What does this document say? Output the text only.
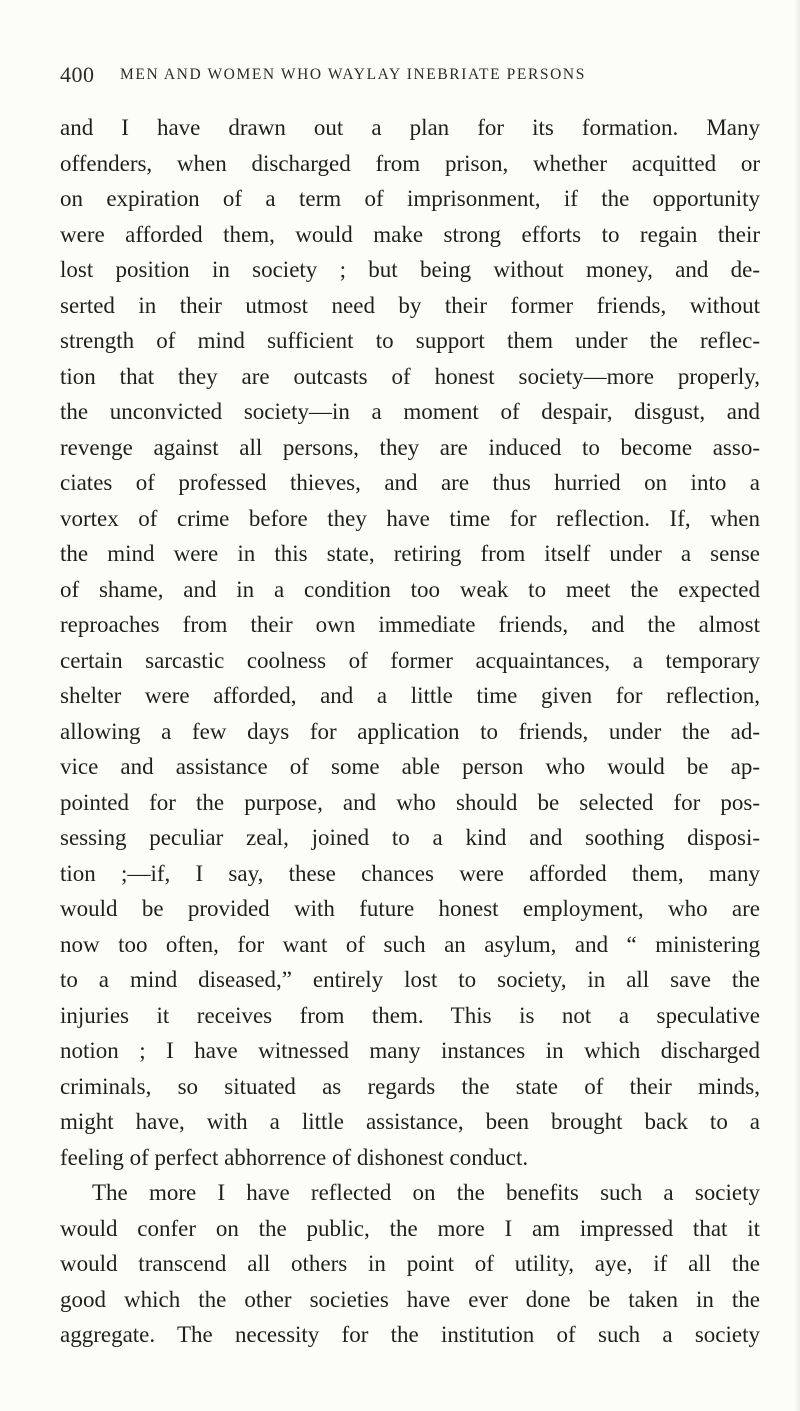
400 MEN AND WOMEN WHO WAYLAY INEBRIATE PERSONS
and I have drawn out a plan for its formation. Many
offenders, when discharged from prison, whether acquitted or
on expiration of a term of imprisonment, if the opportunity
were afforded them, would make strong efforts to regain their
lost position in society ; but being without money, and de-
serted in their utmost need by their former friends, without
strength of mind sufficient to support them under the reflec-
tion that they are outcasts of honest society—more properly,
the unconvicted society—in a moment of despair, disgust, and
revenge against all persons, they are induced to become asso-
ciates of professed thieves, and are thus hurried on into a
vortex of crime before they have time for reflection. If, when
the mind were in this state, retiring from itself under a sense
of shame, and in a condition too weak to meet the expected
reproaches from their own immediate friends, and the almost
certain sarcastic coolness of former acquaintances, a temporary
shelter were afforded, and a little time given for reflection,
allowing a few days for application to friends, under the ad-
vice and assistance of some able person who would be ap-
pointed for the purpose, and who should be selected for pos-
sessing peculiar zeal, joined to a kind and soothing disposi-
tion ;—if, I say, these chances were afforded them, many
would be provided with future honest employment, who are
now too often, for want of such an asylum, and “ ministering
to a mind diseased,” entirely lost to society, in all save the
injuries it receives from them. This is not a speculative
notion ; I have witnessed many instances in which discharged
criminals, so situated as regards the state of their minds,
might have, with a little assistance, been brought back to a
feeling of perfect abhorrence of dishonest conduct.
The more I have reflected on the benefits such a society
would confer on the public, the more I am impressed that it
would transcend all others in point of utility, aye, if all the
good which the other societies have ever done be taken in the
aggregate. The necessity for the institution of such a society
